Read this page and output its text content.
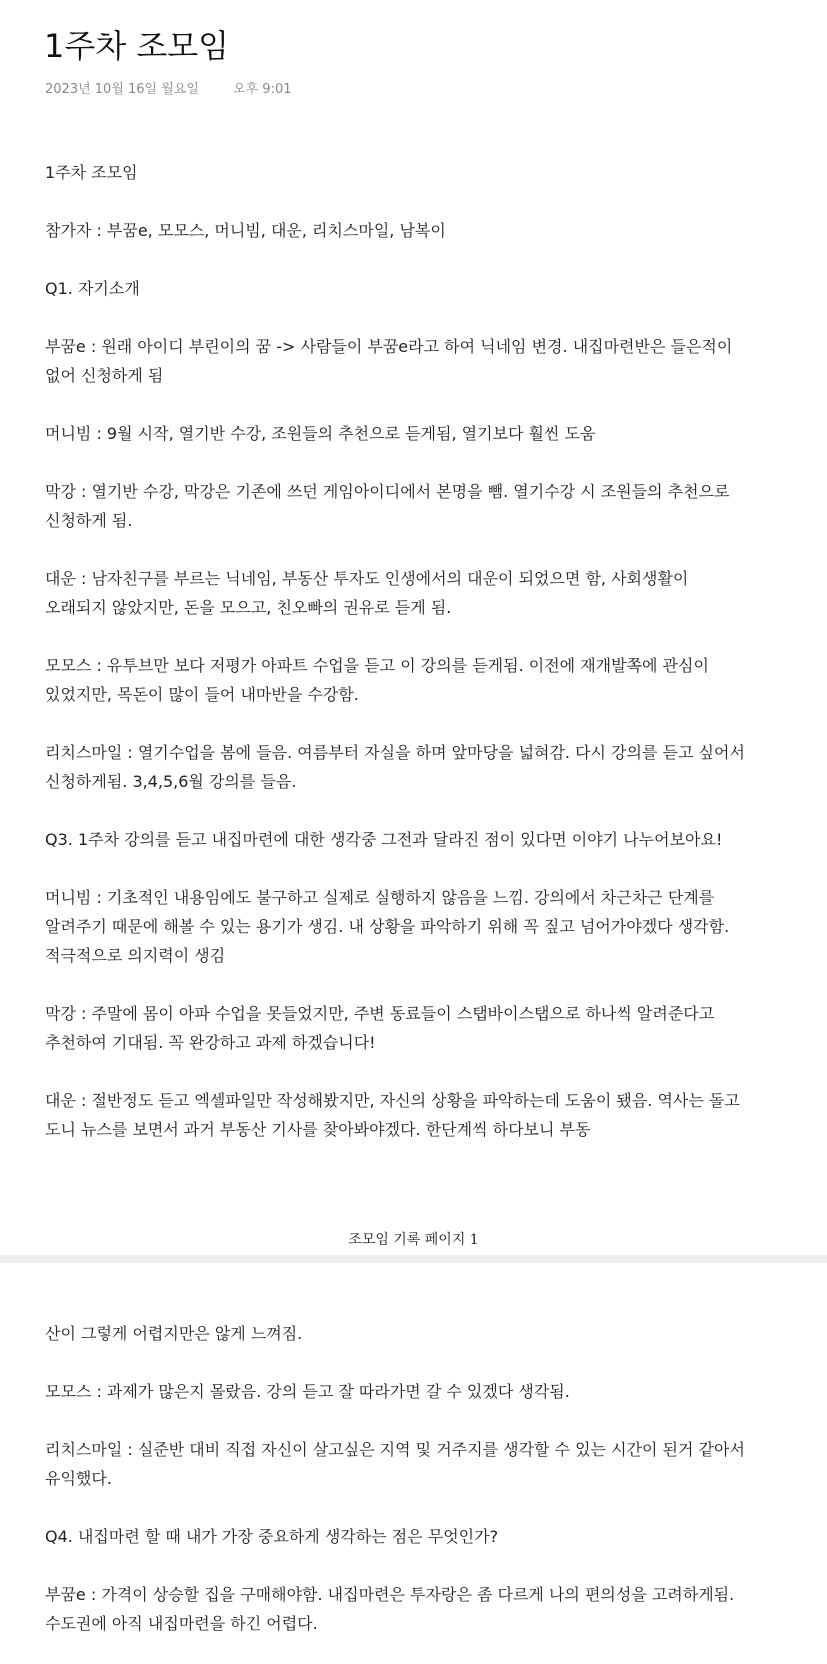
1주차 조모임
2023년 10월 16일 월요일	오후 9:01

1주차 조모임

참가자 : 부꿈e, 모모스, 머니빔, 대운, 리치스마일, 남복이

Q1. 자기소개

부꿈e : 원래 아이디 부린이의 꿈 -> 사람들이 부꿈e라고 하여 닉네임 변경. 내집마련반은 들은적이 없어 신청하게 됨

머니빔 : 9월 시작, 열기반 수강, 조원들의 추천으로 듣게됨, 열기보다 훨씬 도움

막강 : 열기반 수강, 막강은 기존에 쓰던 게임아이디에서 본명을 뺌. 열기수강 시 조원들의 추천으로 신청하게 됨.

대운 : 남자친구를 부르는 닉네임, 부동산 투자도 인생에서의 대운이 되었으면 함, 사회생활이 오래되지 않았지만, 돈을 모으고, 친오빠의 권유로 듣게 됨.

모모스 : 유투브만 보다 저평가 아파트 수업을 듣고 이 강의를 듣게됨. 이전에 재개발쪽에 관심이 있었지만, 목돈이 많이 들어 내마반을 수강함.

리치스마일 : 열기수업을 봄에 들음. 여름부터 자실을 하며 앞마당을 넓혀감. 다시 강의를 듣고 싶어서 신청하게됨. 3,4,5,6월 강의를 들음.

Q3. 1주차 강의를 듣고 내집마련에 대한 생각중 그전과 달라진 점이 있다면 이야기 나누어보아요!

머니빔 : 기초적인 내용임에도 불구하고 실제로 실행하지 않음을 느낌. 강의에서 차근차근 단계를 알려주기 때문에 해볼 수 있는 용기가 생김. 내 상황을 파악하기 위해 꼭 짚고 넘어가야겠다 생각함. 적극적으로 의지력이 생김

막강 : 주말에 몸이 아파 수업을 못들었지만, 주변 동료들이 스탭바이스탭으로 하나씩 알려준다고 추천하여 기대됨. 꼭 완강하고 과제 하겠습니다!

대운 : 절반정도 듣고 엑셀파일만 작성해봤지만, 자신의 상황을 파악하는데 도움이 됐음. 역사는 돌고 도니 뉴스를 보면서 과거 부동산 기사를 찾아봐야겠다. 한단계씩 하다보니 부동

조모임 기록 페이지 1

산이 그렇게 어렵지만은 않게 느껴짐.

모모스 : 과제가 많은지 몰랐음. 강의 듣고 잘 따라가면 갈 수 있겠다 생각됨.

리치스마일 : 실준반 대비 직접 자신이 살고싶은 지역 및 거주지를 생각할 수 있는 시간이 된거 같아서 유익했다.

Q4. 내집마련 할 때 내가 가장 중요하게 생각하는 점은 무엇인가?

부꿈e : 가격이 상승할 집을 구매해야함. 내집마련은 투자랑은 좀 다르게 나의 편의성을 고려하게됨. 수도권에 아직 내집마련을 하긴 어렵다.
